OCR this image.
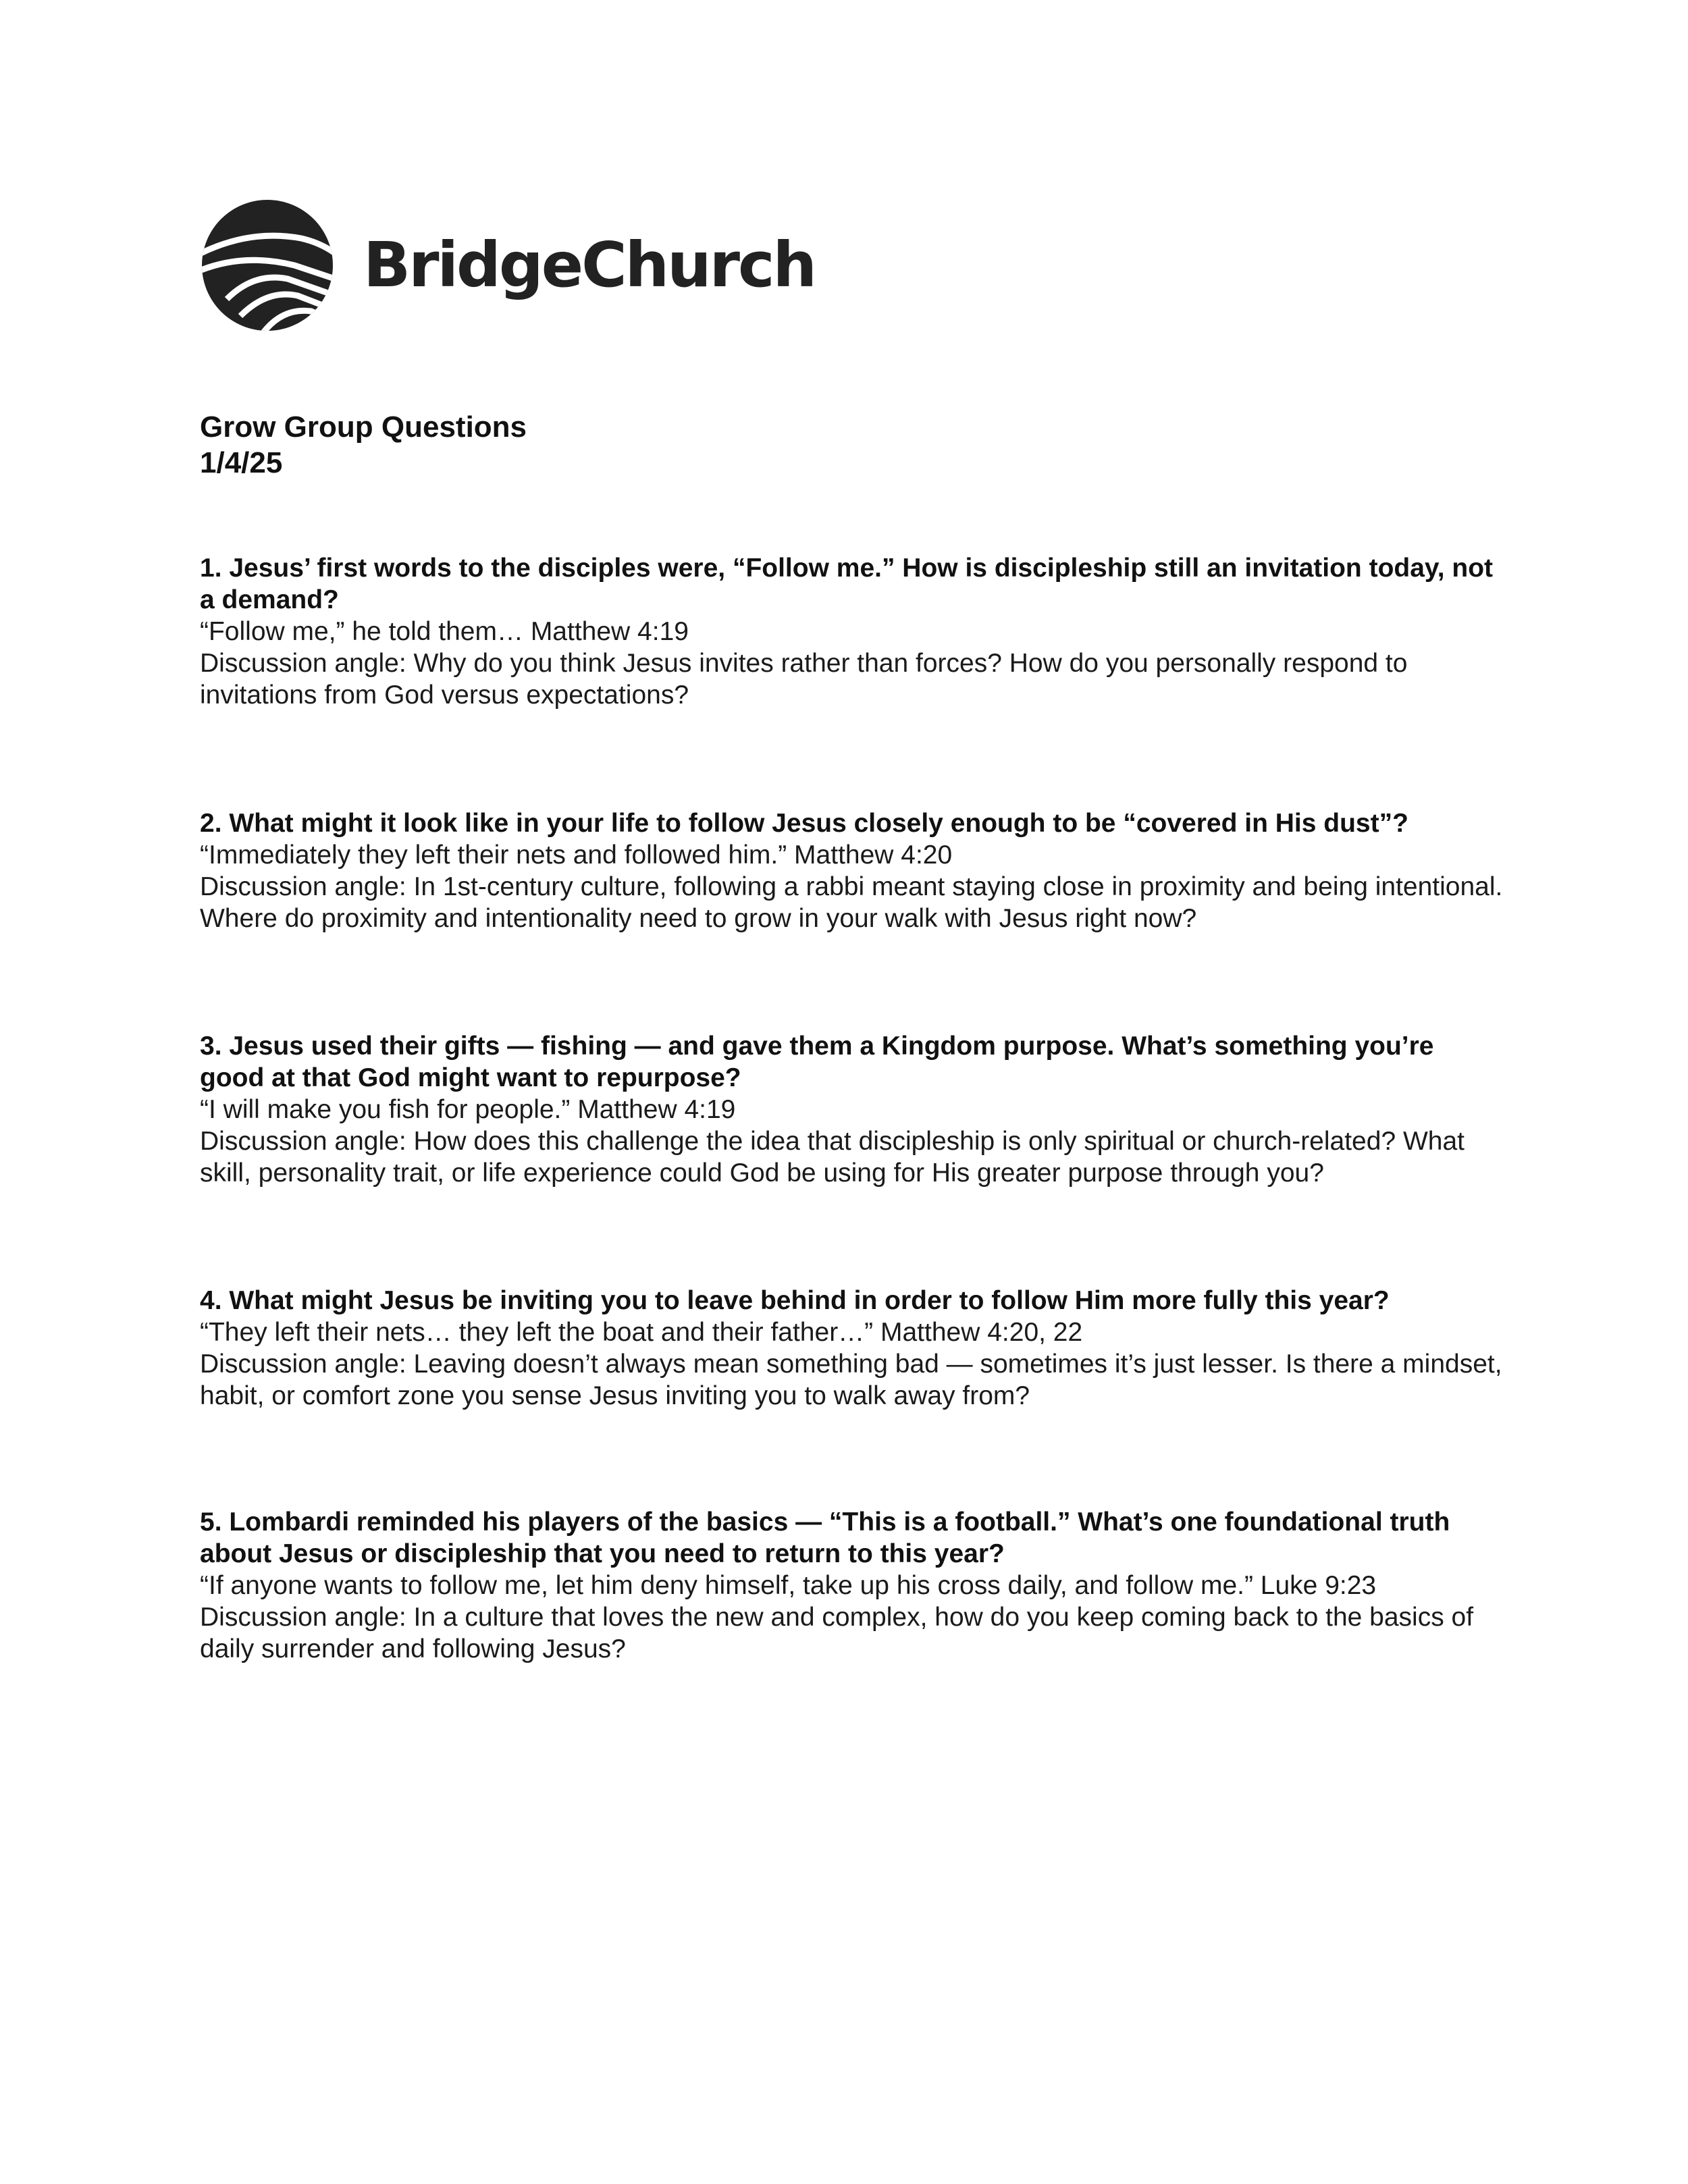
BridgeChurch
Grow Group Questions
1/4/25
1. Jesus’ first words to the disciples were, “Follow me.” How is discipleship still an invitation today, not a demand?
“Follow me,” he told them… Matthew 4:19
Discussion angle: Why do you think Jesus invites rather than forces? How do you personally respond to invitations from God versus expectations?
2. What might it look like in your life to follow Jesus closely enough to be “covered in His dust”?
“Immediately they left their nets and followed him.” Matthew 4:20
Discussion angle: In 1st-century culture, following a rabbi meant staying close in proximity and being intentional. Where do proximity and intentionality need to grow in your walk with Jesus right now?
3. Jesus used their gifts — fishing — and gave them a Kingdom purpose. What’s something you’re good at that God might want to repurpose?
“I will make you fish for people.” Matthew 4:19
Discussion angle: How does this challenge the idea that discipleship is only spiritual or church-related? What skill, personality trait, or life experience could God be using for His greater purpose through you?
4. What might Jesus be inviting you to leave behind in order to follow Him more fully this year?
“They left their nets… they left the boat and their father…” Matthew 4:20, 22
Discussion angle: Leaving doesn’t always mean something bad — sometimes it’s just lesser. Is there a mindset, habit, or comfort zone you sense Jesus inviting you to walk away from?
5. Lombardi reminded his players of the basics — “This is a football.” What’s one foundational truth about Jesus or discipleship that you need to return to this year?
“If anyone wants to follow me, let him deny himself, take up his cross daily, and follow me.” Luke 9:23
Discussion angle: In a culture that loves the new and complex, how do you keep coming back to the basics of daily surrender and following Jesus?
